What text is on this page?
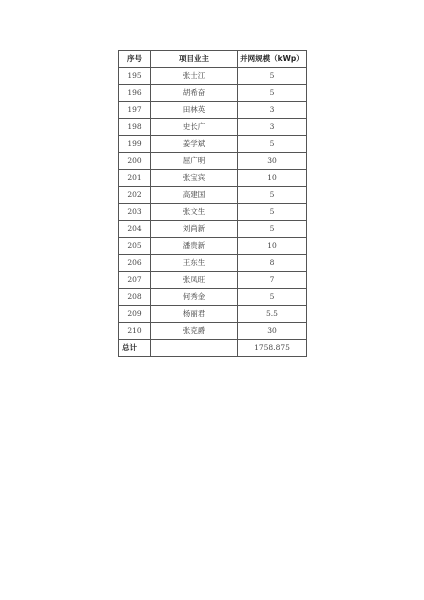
序号	项目业主	并网规模（kWp）
195	张士江	5
196	胡希奋	5
197	田林英	3
198	史长广	3
199	姜学斌	5
200	屈广明	30
201	张宝宾	10
202	高建国	5
203	张文生	5
204	刘尚新	5
205	潘贵新	10
206	王东生	8
207	张凤旺	7
208	何秀金	5
209	杨丽君	5.5
210	张克爵	30
总计		1758.875
